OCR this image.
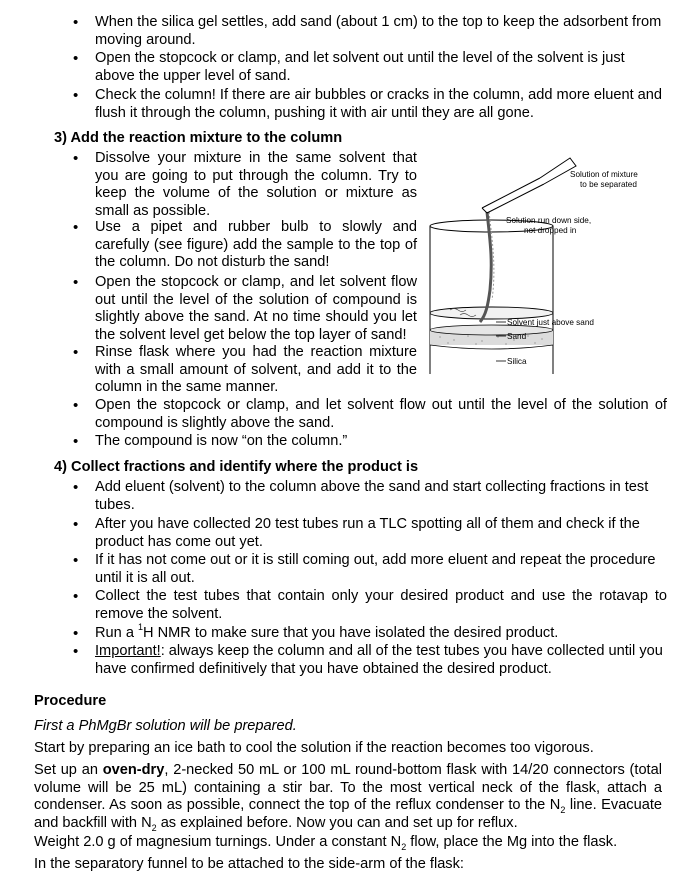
• When the silica gel settles, add sand (about 1 cm) to the top to keep the adsorbent from moving around.
• Open the stopcock or clamp, and let solvent out until the level of the solvent is just above the upper level of sand.
• Check the column! If there are air bubbles or cracks in the column, add more eluent and flush it through the column, pushing it with air until they are all gone.
3) Add the reaction mixture to the column
• Dissolve your mixture in the same solvent that you are going to put through the column. Try to keep the volume of the solution or mixture as small as possible.
• Use a pipet and rubber bulb to slowly and carefully (see figure) add the sample to the top of the column. Do not disturb the sand!
• Open the stopcock or clamp, and let solvent flow out until the level of the solution of compound is slightly above the sand. At no time should you let the solvent level get below the top layer of sand!
• Rinse flask where you had the reaction mixture with a small amount of solvent, and add it to the column in the same manner.
• Open the stopcock or clamp, and let solvent flow out until the level of the solution of compound is slightly above the sand.
• The compound is now “on the column.”
Solution of mixture
to be separated
Solution run down side,
not dropped in
Solvent just above sand
Sand
Silica
4) Collect fractions and identify where the product is
• Add eluent (solvent) to the column above the sand and start collecting fractions in test tubes.
• After you have collected 20 test tubes run a TLC spotting all of them and check if the product has come out yet.
• If it has not come out or it is still coming out, add more eluent and repeat the procedure until it is all out.
• Collect the test tubes that contain only your desired product and use the rotavap to remove the solvent.
• Run a $^1$H NMR to make sure that you have isolated the desired product.
• Important!: always keep the column and all of the test tubes you have collected until you have confirmed definitively that you have obtained the desired product.
Procedure
First a PhMgBr solution will be prepared.
Start by preparing an ice bath to cool the solution if the reaction becomes too vigorous.
Set up an oven-dry, 2-necked 50 mL or 100 mL round-bottom flask with 14/20 connectors (total volume will be 25 mL) containing a stir bar. To the most vertical neck of the flask, attach a condenser. As soon as possible, connect the top of the reflux condenser to the $N_2$ line. Evacuate and backfill with $N_2$ as explained before. Now you can and set up for reflux.
Weight 2.0 g of magnesium turnings. Under a constant $N_2$ flow, place the Mg into the flask.
In the separatory funnel to be attached to the side-arm of the flask:
